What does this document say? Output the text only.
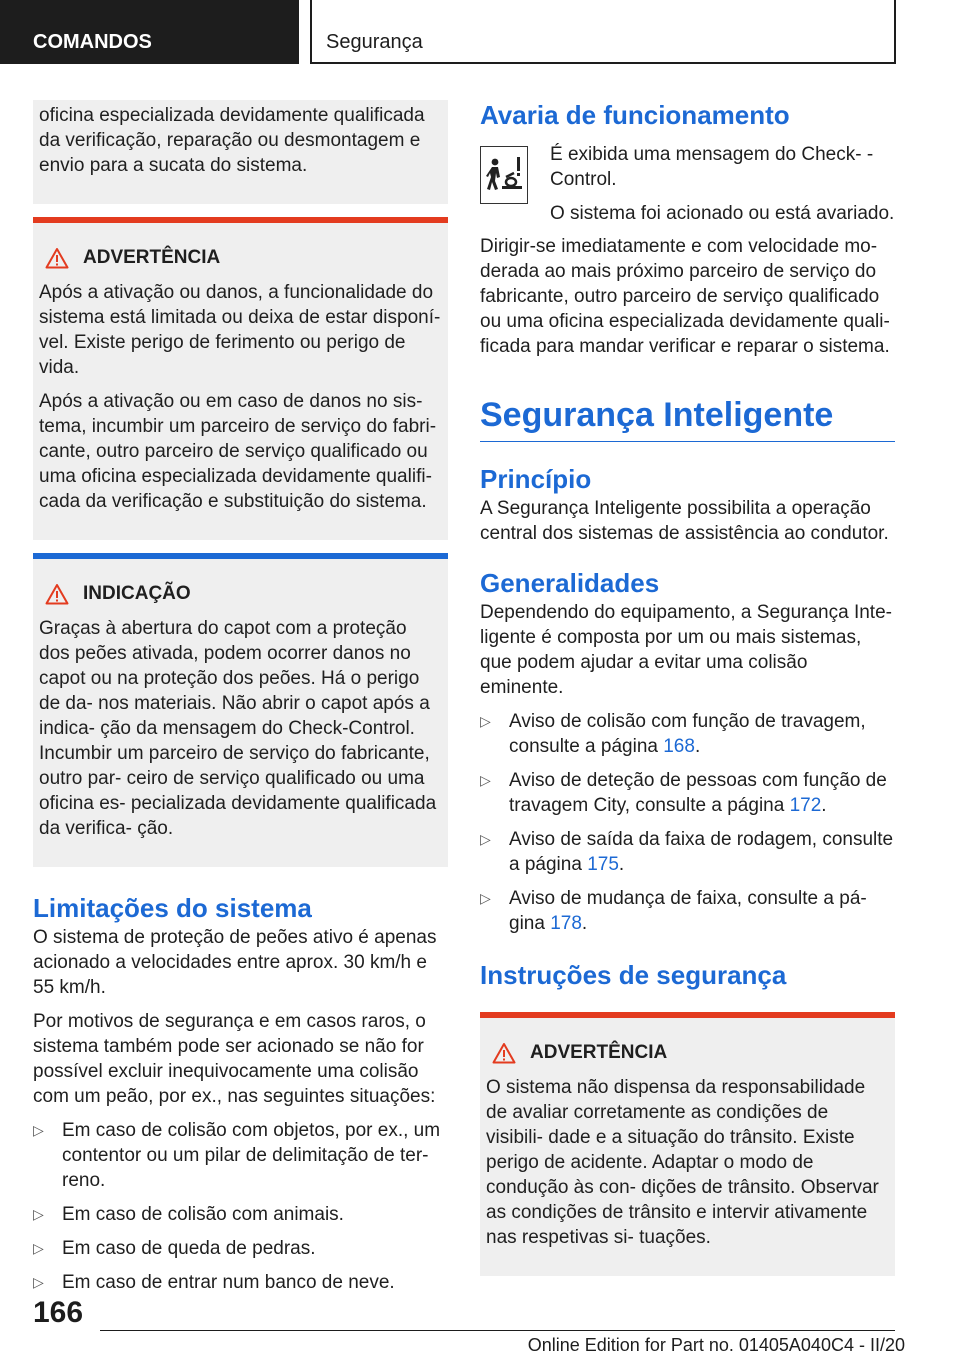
COMANDOS	Segurança

oficina especializada devidamente qualificada da verificação, reparação ou desmontagem e envio para a sucata do sistema.

ADVERTÊNCIA

Após a ativação ou danos, a funcionalidade do sistema está limitada ou deixa de estar disponí- vel. Existe perigo de ferimento ou perigo de vida.

Após a ativação ou em caso de danos no sis- tema, incumbir um parceiro de serviço do fabri- cante, outro parceiro de serviço qualificado ou uma oficina especializada devidamente qualifi- cada da verificação e substituição do sistema.

INDICAÇÃO

Graças à abertura do capot com a proteção dos peões ativada, podem ocorrer danos no capot ou na proteção dos peões. Há o perigo de da- nos materiais. Não abrir o capot após a indica- ção da mensagem do Check-Control. Incumbir um parceiro de serviço do fabricante, outro par- ceiro de serviço qualificado ou uma oficina es- pecializada devidamente qualificada da verifica- ção.

Limitações do sistema

O sistema de proteção de peões ativo é apenas acionado a velocidades entre aprox. 30 km/h e 55 km/h.

Por motivos de segurança e em casos raros, o sistema também pode ser acionado se não for possível excluir inequivocamente uma colisão com um peão, por ex., nas seguintes situações:

▷ Em caso de colisão com objetos, por ex., um contentor ou um pilar de delimitação de ter- reno.
▷ Em caso de colisão com animais.
▷ Em caso de queda de pedras.
▷ Em caso de entrar num banco de neve.
Avaria de funcionamento

É exibida uma mensagem do Check- -Control.

O sistema foi acionado ou está avariado.

Dirigir-se imediatamente e com velocidade mo- derada ao mais próximo parceiro de serviço do fabricante, outro parceiro de serviço qualificado ou uma oficina especializada devidamente quali- ficada para mandar verificar e reparar o sistema.

Segurança Inteligente
Princípio

A Segurança Inteligente possibilita a operação central dos sistemas de assistência ao condutor.

Generalidades

Dependendo do equipamento, a Segurança Inte- ligente é composta por um ou mais sistemas, que podem ajudar a evitar uma colisão eminente.

▷ Aviso de colisão com função de travagem, consulte a página 168.
▷ Aviso de deteção de pessoas com função de travagem City, consulte a página 172.
▷ Aviso de saída da faixa de rodagem, consulte a página 175.
▷ Aviso de mudança de faixa, consulte a pá- gina 178.
Instruções de segurança
ADVERTÊNCIA

O sistema não dispensa da responsabilidade de avaliar corretamente as condições de visibili- dade e a situação do trânsito. Existe perigo de acidente. Adaptar o modo de condução às con- dições de trânsito. Observar as condições de trânsito e intervir ativamente nas respetivas si- tuações.

166
Online Edition for Part no. 01405A040C4 - II/20
